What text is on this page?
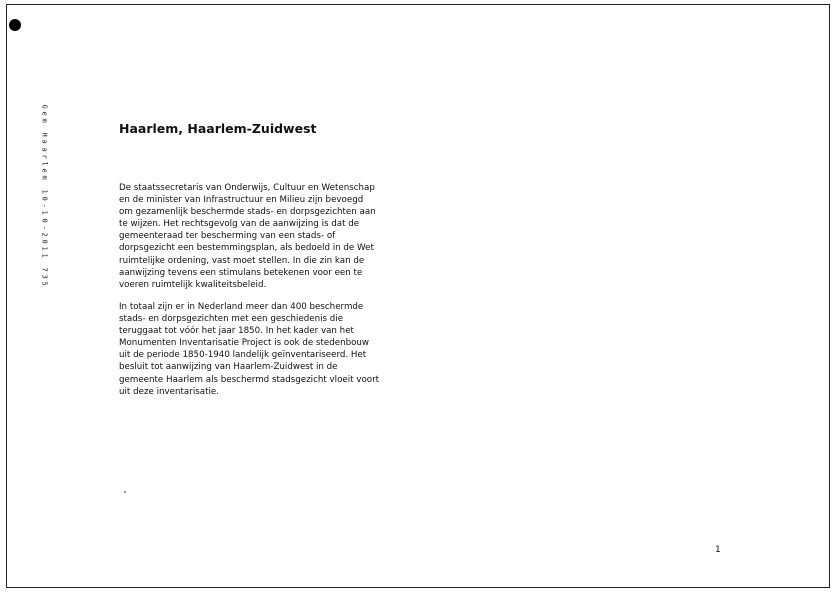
G
e
m

H
a
a
r
l
e
m

1
0
-
1
0
-
2
0
1
1

7
3
5
Haarlem, Haarlem-Zuidwest
De staatssecretaris van Onderwijs, Cultuur en Wetenschap
en de minister van Infrastructuur en Milieu zijn bevoegd
om gezamenlijk beschermde stads- en dorpsgezichten aan
te wijzen. Het rechtsgevolg van de aanwijzing is dat de
gemeenteraad ter bescherming van een stads- of
dorpsgezicht een bestemmingsplan, als bedoeld in de Wet
ruimtelijke ordening, vast moet stellen. In die zin kan de
aanwijzing tevens een stimulans betekenen voor een te
voeren ruimtelijk kwaliteitsbeleid.
In totaal zijn er in Nederland meer dan 400 beschermde
stads- en dorpsgezichten met een geschiedenis die
teruggaat tot vóór het jaar 1850. In het kader van het
Monumenten Inventarisatie Project is ook de stedenbouw
uit de periode 1850-1940 landelijk geïnventariseerd. Het
besluit tot aanwijzing van Haarlem-Zuidwest in de
gemeente Haarlem als beschermd stadsgezicht vloeit voort
uit deze inventarisatie.
1
